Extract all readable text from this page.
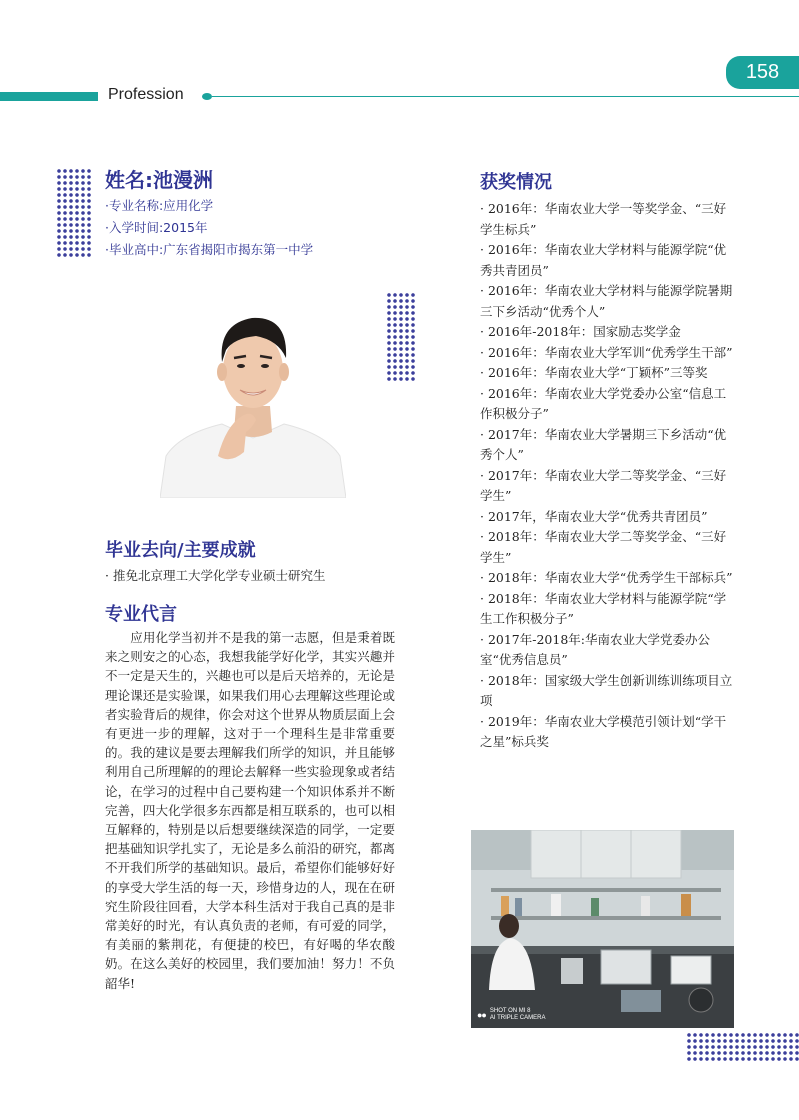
Profession
158
姓名:池漫洲
·专业名称:应用化学
·入学时间:2015年
·毕业高中:广东省揭阳市揭东第一中学
毕业去向/主要成就
· 推免北京理工大学化学专业硕士研究生
专业代言
　　应用化学当初并不是我的第一志愿，但是秉着既来之则安之的心态，我想我能学好化学，其实兴趣并不一定是天生的，兴趣也可以是后天培养的，无论是理论课还是实验课，如果我们用心去理解这些理论或者实验背后的规律，你会对这个世界从物质层面上会有更进一步的理解，这对于一个理科生是非常重要的。我的建议是要去理解我们所学的知识，并且能够利用自己所理解的的理论去解释一些实验现象或者结论，在学习的过程中自己要构建一个知识体系并不断完善，四大化学很多东西都是相互联系的，也可以相互解释的，特别是以后想要继续深造的同学，一定要把基础知识学扎实了，无论是多么前沿的研究，都离不开我们所学的基础知识。最后，希望你们能够好好的享受大学生活的每一天，珍惜身边的人，现在在研究生阶段往回看，大学本科生活对于我自己真的是非常美好的时光，有认真负责的老师，有可爱的同学，有美丽的紫荆花，有便捷的校巴，有好喝的华农酸奶。在这么美好的校园里，我们要加油！努力！不负韶华!
获奖情况

· 2016年：华南农业大学一等奖学金、“三好学生标兵”

· 2016年：华南农业大学材料与能源学院“优秀共青团员”

· 2016年：华南农业大学材料与能源学院暑期三下乡活动“优秀个人”

· 2016年-2018年：国家励志奖学金

· 2016年：华南农业大学军训“优秀学生干部”

· 2016年：华南农业大学“丁颖杯”三等奖

· 2016年：华南农业大学党委办公室“信息工作积极分子”

· 2017年：华南农业大学暑期三下乡活动“优秀个人”

· 2017年：华南农业大学二等奖学金、“三好学生”

· 2017年，华南农业大学“优秀共青团员”

· 2018年：华南农业大学二等奖学金、“三好学生”

· 2018年：华南农业大学“优秀学生干部标兵”

· 2018年：华南农业大学材料与能源学院“学生工作积极分子”

· 2017年-2018年:华南农业大学党委办公室“优秀信息员”

· 2018年：国家级大学生创新训练训练项目立项

· 2019年：华南农业大学模范引领计划“学干之星”标兵奖

●● SHOT ON MI 8
AI TRIPLE CAMERA
